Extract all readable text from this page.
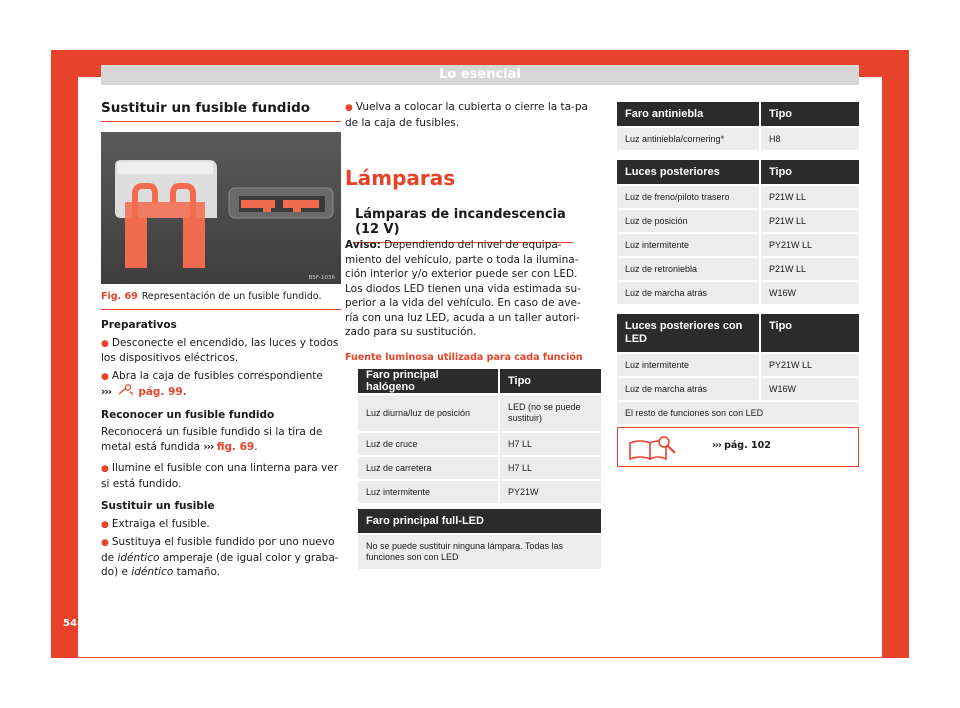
Lo esencial
54
Sustituir un fusible fundido
B5F-1036
Fig. 69 Representación de un fusible fundido.
Preparativos

● Desconecte el encendido, las luces y todos los dispositivos eléctricos.

● Abra la caja de fusibles correspondiente
›››	pág. 99.

Reconocer un fusible fundido

Reconocerá un fusible fundido si la tira de metal está fundida ››› fig. 69.

● Ilumine el fusible con una linterna para ver si está fundido.

Sustituir un fusible

● Extraiga el fusible.

● Sustituya el fusible fundido por uno nuevo de idéntico amperaje (de igual color y graba-do) e idéntico tamaño.

● Vuelva a colocar la cubierta o cierre la ta-pa de la caja de fusibles.
Lámparas
Lámparas de incandescencia (12 V)
Aviso: Dependiendo del nivel de equipa-miento del vehículo, parte o toda la ilumina-ción interior y/o exterior puede ser con LED. Los diodos LED tienen una vida estimada su-perior a la vida del vehículo. En caso de ave-ría con una luz LED, acuda a un taller autori-zado para su sustitución.
Fuente luminosa utilizada para cada función
Faro principal halógeno	Tipo
Luz diurna/luz de posición	LED (no se puede sustituir)
Luz de cruce	H7 LL
Luz de carretera	H7 LL
Luz intermitente	PY21W
Faro principal full-LED
No se puede sustituir ninguna lámpara. Todas las funciones son con LED
Faro antiniebla	Tipo
Luz antiniebla/cornering*	H8

Luces posteriores	Tipo
Luz de freno/piloto trasero	P21W LL
Luz de posición	P21W LL
Luz intermitente	PY21W LL
Luz de retroniebla	P21W LL
Luz de marcha atrás	W16W

Luces posteriores con LED	Tipo
Luz intermitente	PY21W LL
Luz de marcha atrás	W16W
El resto de funciones son con LED	
››› pág. 102
